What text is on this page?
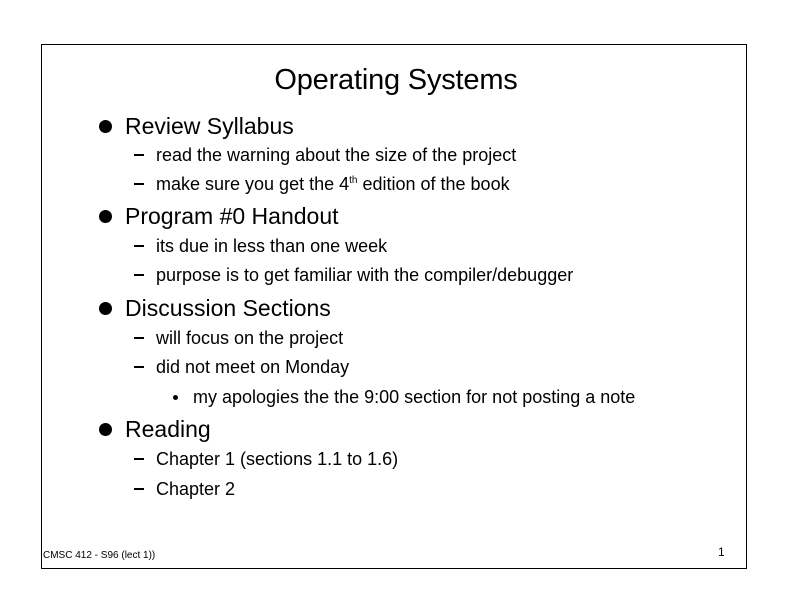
Operating Systems
Review Syllabus
read the warning about the size of the project
make sure you get the 4th edition of the book
Program #0 Handout
its due in less than one week
purpose is to get familiar with the compiler/debugger
Discussion Sections
will focus on the project
did not meet on Monday
my apologies the the 9:00 section for not posting a note
Reading
Chapter 1 (sections 1.1 to 1.6)
Chapter 2
CMSC 412 - S96 (lect 1))	1
